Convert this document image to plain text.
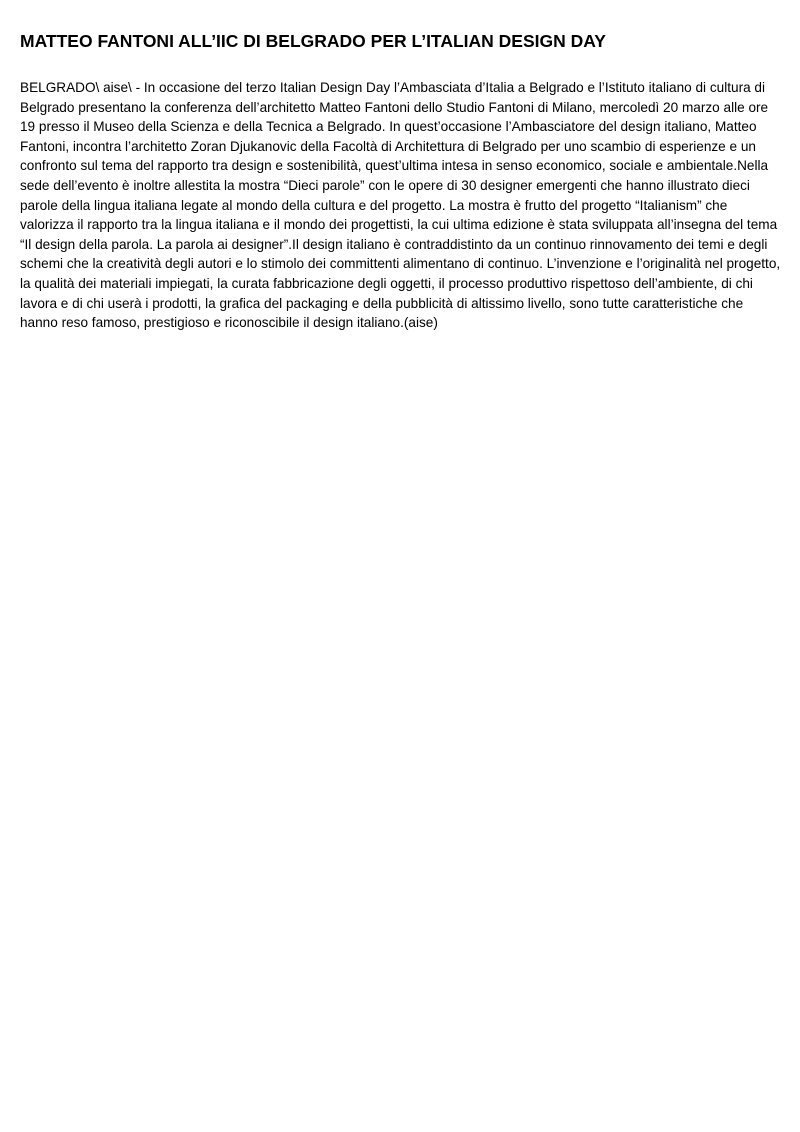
MATTEO FANTONI ALL’IIC DI BELGRADO PER L’ITALIAN DESIGN DAY

BELGRADO\ aise\ - In occasione del terzo Italian Design Day l’Ambasciata d’Italia a Belgrado e l’Istituto italiano di cultura di Belgrado presentano la conferenza dell’architetto Matteo Fantoni dello Studio Fantoni di Milano, mercoledì 20 marzo alle ore 19 presso il Museo della Scienza e della Tecnica a Belgrado. In quest’occasione l’Ambasciatore del design italiano, Matteo Fantoni, incontra l’architetto Zoran Djukanovic della Facoltà di Architettura di Belgrado per uno scambio di esperienze e un confronto sul tema del rapporto tra design e sostenibilità, quest’ultima intesa in senso economico, sociale e ambientale.Nella sede dell’evento è inoltre allestita la mostra “Dieci parole” con le opere di 30 designer emergenti che hanno illustrato dieci parole della lingua italiana legate al mondo della cultura e del progetto. La mostra è frutto del progetto “Italianism” che valorizza il rapporto tra la lingua italiana e il mondo dei progettisti, la cui ultima edizione è stata sviluppata all’insegna del tema “Il design della parola. La parola ai designer”.Il design italiano è contraddistinto da un continuo rinnovamento dei temi e degli schemi che la creatività degli autori e lo stimolo dei committenti alimentano di continuo. L’invenzione e l’originalità nel progetto, la qualità dei materiali impiegati, la curata fabbricazione degli oggetti, il processo produttivo rispettoso dell’ambiente, di chi lavora e di chi userà i prodotti, la grafica del packaging e della pubblicità di altissimo livello, sono tutte caratteristiche che hanno reso famoso, prestigioso e riconoscibile il design italiano.(aise)
